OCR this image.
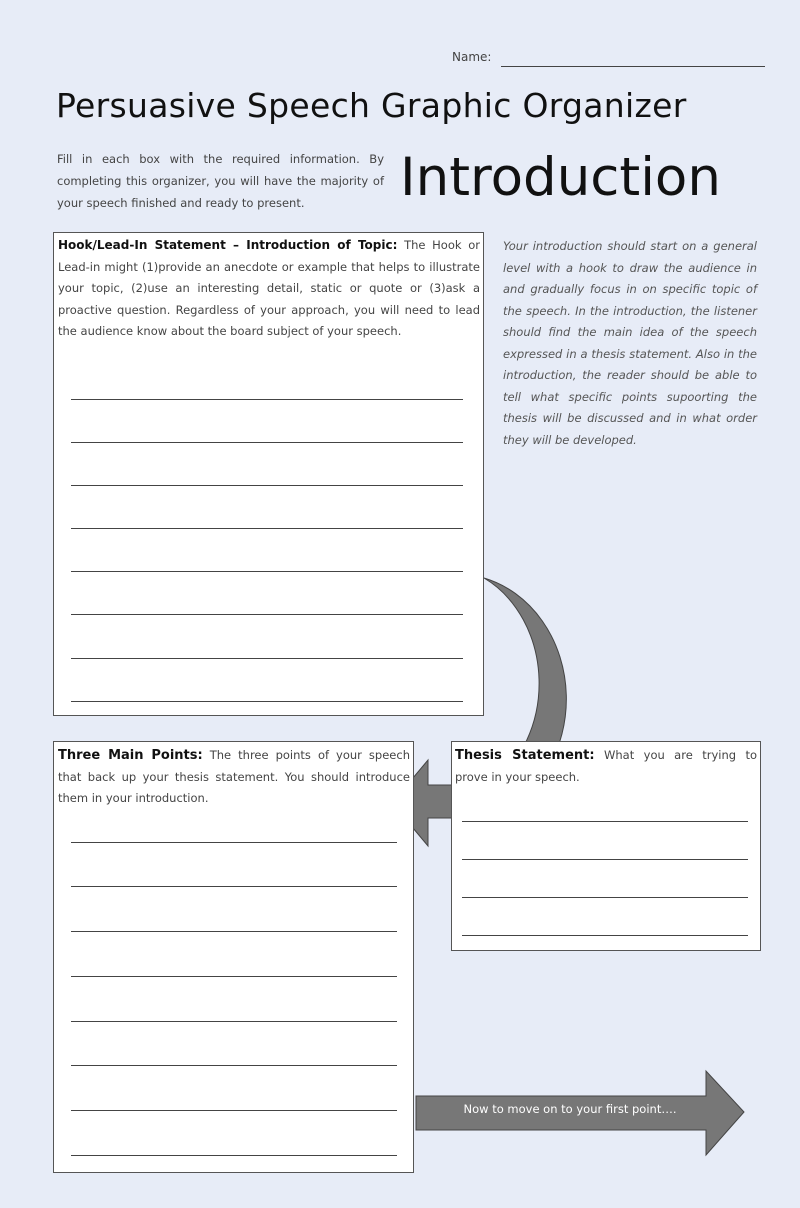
Name:
Persuasive Speech Graphic Organizer
Fill in each box with the required information. By completing this organizer, you will have the majority of your speech finished and ready to present.	Introduction
Hook/Lead-In Statement – Introduction of Topic: The Hook or Lead-in might (1)provide an anecdote or example that helps to illustrate your topic, (2)use an interesting detail, static or quote or (3)ask a proactive question. Regardless of your approach, you will need to lead the audience know about the board subject of your speech.
Your introduction should start on a general level with a hook to draw the audience in and gradually focus in on specific topic of the speech. In the introduction, the listener should find the main idea of the speech expressed in a thesis statement. Also in the introduction, the reader should be able to tell what specific points supoorting the thesis will be discussed and in what order they will be developed.
Three Main Points: The three points of your speech that back up your thesis statement. You should introduce them in your introduction.
Thesis Statement: What you are trying to prove in your speech.
Now to move on to your first point….
